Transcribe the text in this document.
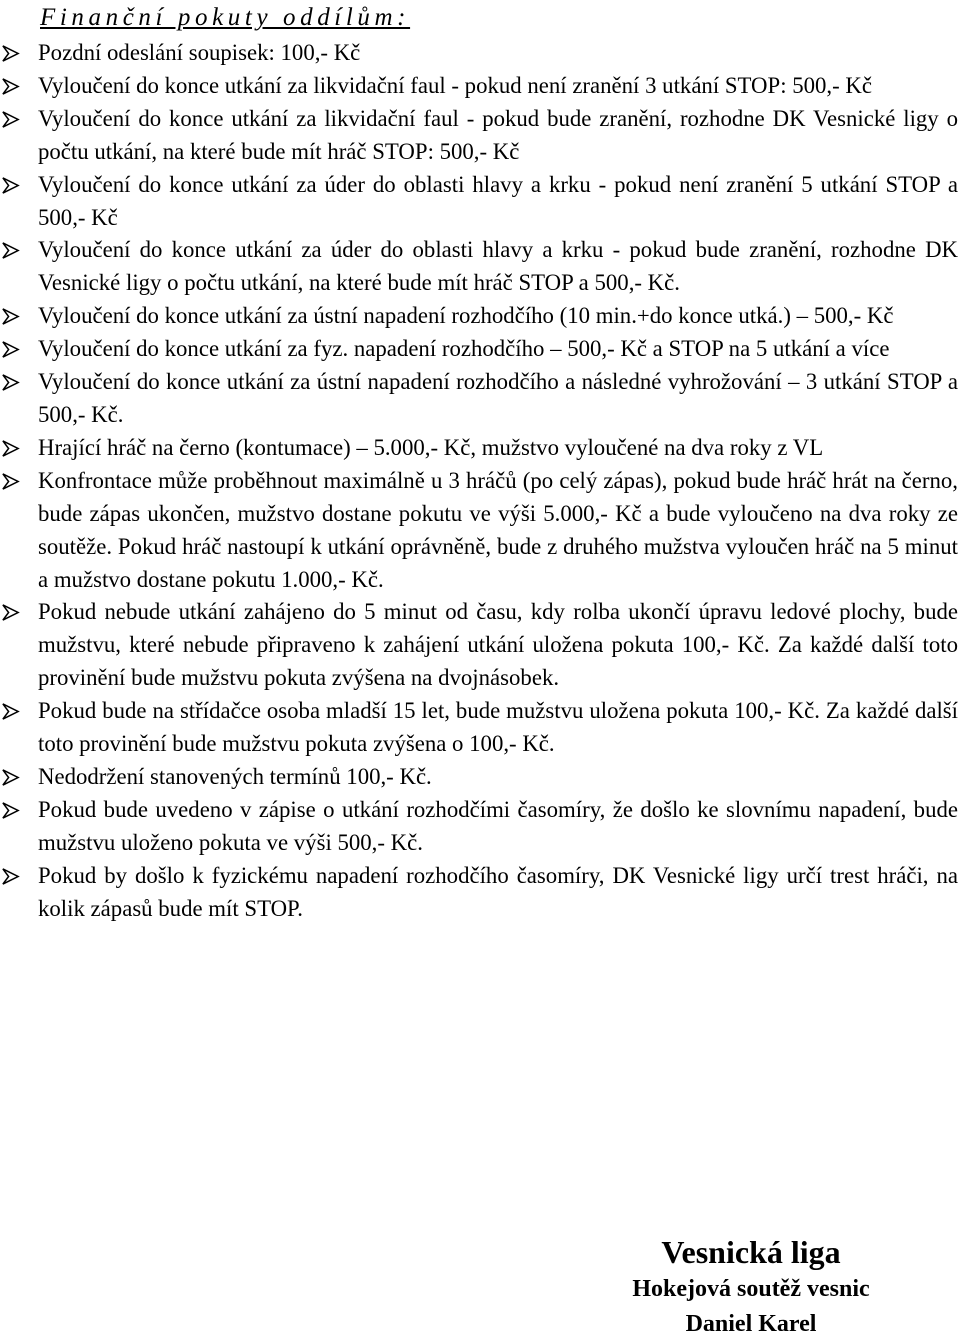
Finanční pokuty oddílům:
Pozdní odeslání soupisek: 100,- Kč
Vyloučení do konce utkání za likvidační faul - pokud není zranění 3 utkání STOP: 500,- Kč
Vyloučení do konce utkání za likvidační faul - pokud bude zranění, rozhodne DK Vesnické ligy o počtu utkání, na které bude mít hráč STOP: 500,- Kč
Vyloučení do konce utkání za úder do oblasti hlavy a krku - pokud není zranění 5 utkání STOP a 500,- Kč
Vyloučení do konce utkání za úder do oblasti hlavy a krku - pokud bude zranění, rozhodne DK Vesnické ligy o počtu utkání, na které bude mít hráč STOP a 500,- Kč.
Vyloučení do konce utkání za ústní napadení rozhodčího (10 min.+do konce utká.) – 500,- Kč
Vyloučení do konce utkání za fyz. napadení rozhodčího – 500,- Kč a STOP na 5 utkání a více
Vyloučení do konce utkání za ústní napadení rozhodčího a následné vyhrožování – 3 utkání STOP a 500,- Kč.
Hrající hráč na černo (kontumace) – 5.000,- Kč, mužstvo vyloučené na dva roky z VL
Konfrontace může proběhnout maximálně u 3 hráčů (po celý zápas), pokud bude hráč hrát na černo, bude zápas ukončen, mužstvo dostane pokutu ve výši 5.000,- Kč a bude vyloučeno na dva roky ze soutěže. Pokud hráč nastoupí k utkání oprávněně, bude z druhého mužstva vyloučen hráč na 5 minut a mužstvo dostane pokutu 1.000,- Kč.
Pokud nebude utkání zahájeno do 5 minut od času, kdy rolba ukončí úpravu ledové plochy, bude mužstvu, které nebude připraveno k zahájení utkání uložena pokuta 100,- Kč. Za každé další toto provinění bude mužstvu pokuta zvýšena na dvojnásobek.
Pokud bude na střídačce osoba mladší 15 let, bude mužstvu uložena pokuta 100,- Kč. Za každé další toto provinění bude mužstvu pokuta zvýšena o 100,- Kč.
Nedodržení stanovených termínů 100,- Kč.
Pokud bude uvedeno v zápise o utkání rozhodčími časomíry, že došlo ke slovnímu napadení, bude mužstvu uloženo pokuta ve výši 500,- Kč.
Pokud by došlo k fyzickému napadení rozhodčího časomíry, DK Vesnické ligy určí trest hráči, na kolik zápasů bude mít STOP.
Vesnická liga
Hokejová soutěž vesnic
Daniel Karel
